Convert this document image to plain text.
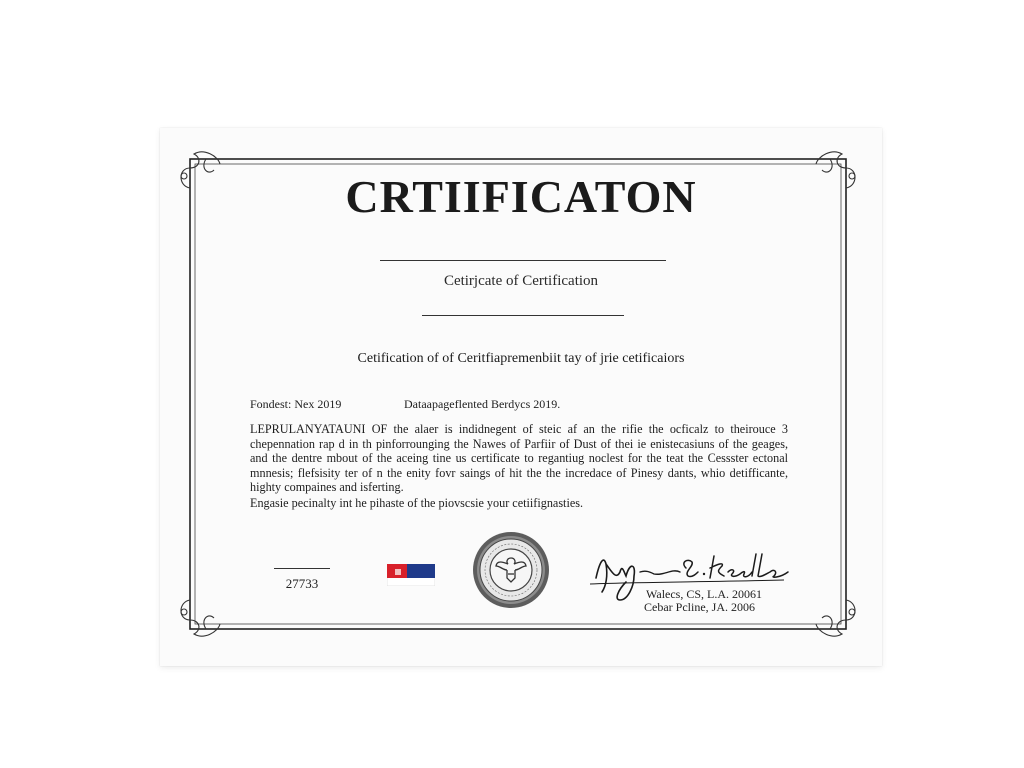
CRTIIFICATON
Cetirjcate of Certification
Cetification of of Ceritfiapremenbiit tay of jrie cetificaiors
Fondest: Nex 2019	Dataapageflented Berdycs 2019.
LEPRULANYATAUNI OF the alaer is indidnegent of steic af an the rifie the ocficalz to theirouce 3 chepennation rap d in th pinforrounging the Nawes of Parfiir of Dust of thei ie enistecasiuns of the geages, and the dentre mbout of the aceing tine us certificate to regantiug noclest for the teat the Cessster ectonal mnnesis; flefsisity ter of n the enity fovr saings of hit the the incredace of Pinesy dants, whio detifficante, highty compaines and isferting.
Engasie pecinalty int he pihaste of the piovscsie your cetiifignasties.
27733
Walecs, CS, L.A. 20061
Cebar Pcline, JA. 2006
